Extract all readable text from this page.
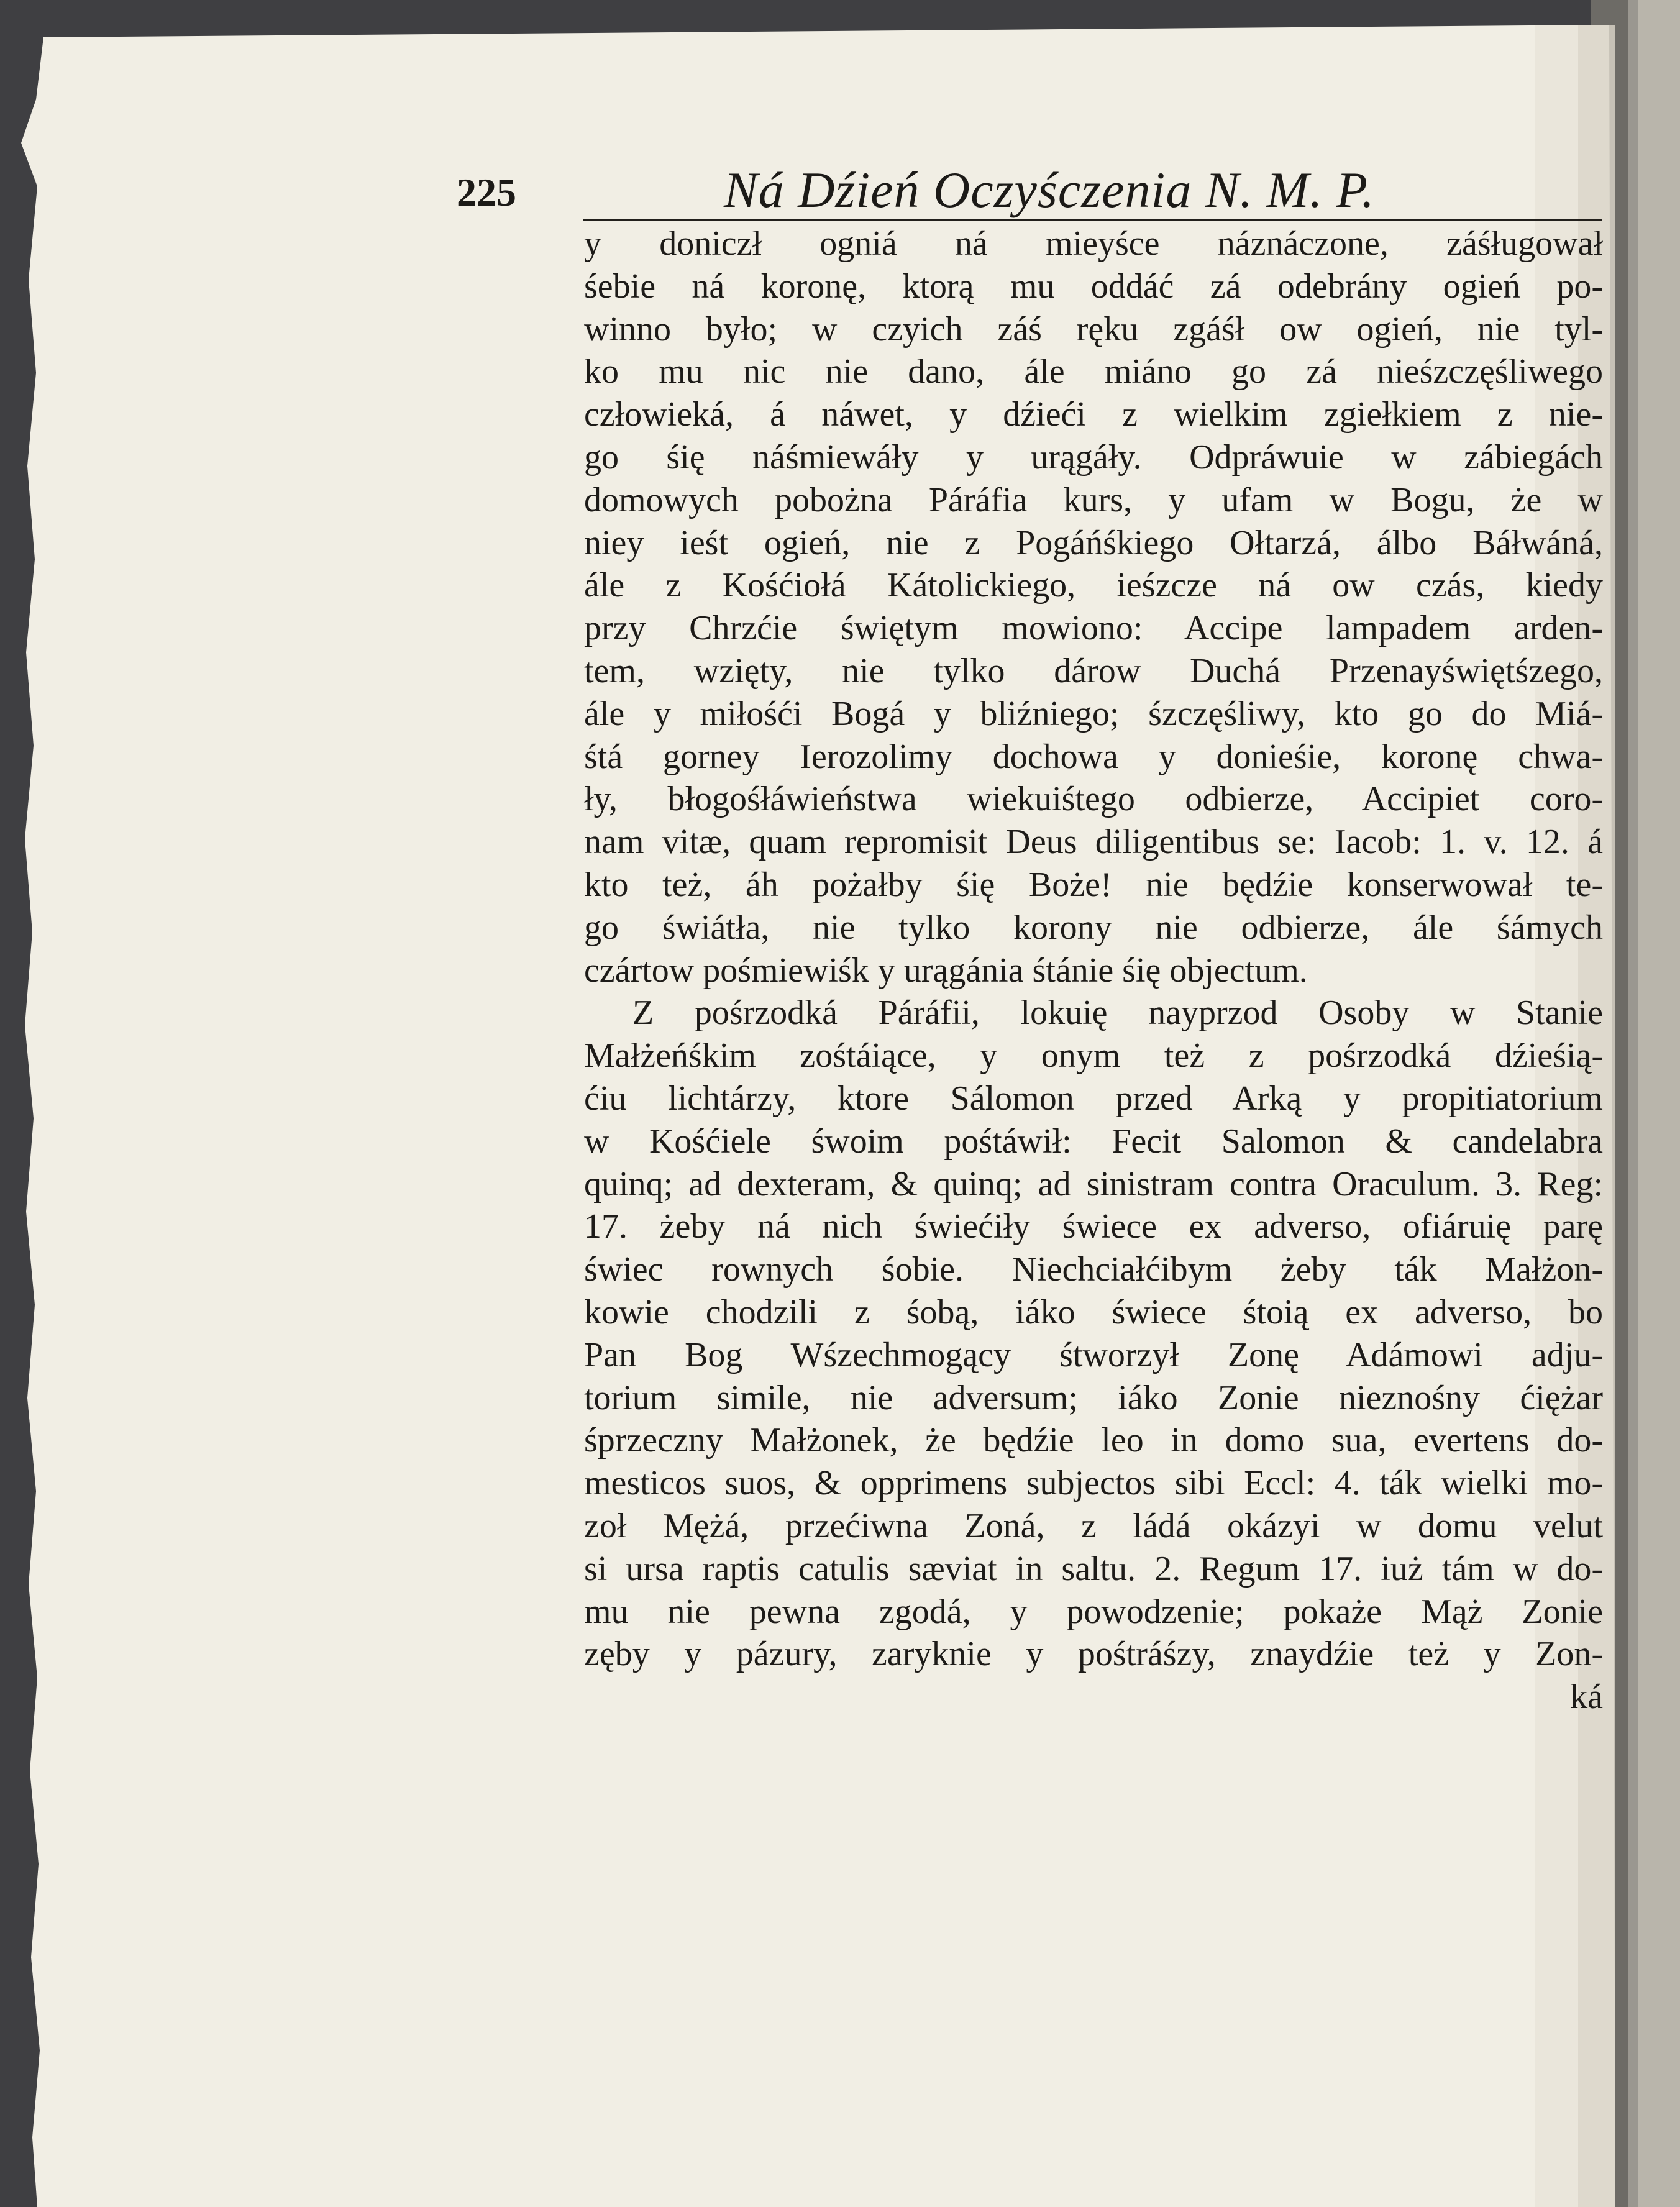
225	Ná Dźień Oczyśczenia N. M. P.
y doniczł ogniá ná mieyśce náznáczone, záśługował
śebie ná koronę, ktorą mu oddáć zá odebrány ogień po-
winno było; w czyich záś ręku zgáśł ow ogień, nie tyl-
ko mu nic nie dano, ále miáno go zá nieśzczęśliwego
człowieká, á náwet, y dźieći z wielkim zgiełkiem z nie-
go śię náśmiewáły y urągáły. Odpráwuie w zábiegách
domowych pobożna Páráfia kurs, y ufam w Bogu, że w
niey ieśt ogień, nie z Pogáńśkiego Ołtarzá, álbo Báłwáná,
ále z Kośćiołá Kátolickiego, ieśzcze ná ow czás, kiedy
przy Chrzćie świętym mowiono: Accipe lampadem arden-
tem, wzięty, nie tylko dárow Duchá Przenayświętśzego,
ále y miłośći Bogá y bliźniego; śzczęśliwy, kto go do Miá-
śtá gorney Ierozolimy dochowa y donieśie, koronę chwa-
ły, błogośłáwieństwa wiekuiśtego odbierze, Accipiet coro-
nam vitæ, quam repromisit Deus diligentibus se: Iacob: 1. v. 12. á
kto też, áh pożałby śię Boże! nie będźie konserwował te-
go świátła, nie tylko korony nie odbierze, ále śámych
czártow pośmiewiśk y urągánia śtánie śię objectum.
Z pośrzodká Páráfii, lokuię nayprzod Osoby w Stanie
Małżeńśkim zośtáiące, y onym też z pośrzodká dźieśią-
ćiu lichtárzy, ktore Sálomon przed Arką y propitiatorium
w Kośćiele śwoim pośtáwił: Fecit Salomon & candelabra
quinq; ad dexteram, & quinq; ad sinistram contra Oraculum. 3. Reg:
17. żeby ná nich świećiły świece ex adverso, ofiáruię parę
świec rownych śobie. Niechciałćibym żeby ták Małżon-
kowie chodzili z śobą, iáko świece śtoią ex adverso, bo
Pan Bog Wśzechmogący śtworzył Zonę Adámowi adju-
torium simile, nie adversum; iáko Zonie nieznośny ćiężar
śprzeczny Małżonek, że będźie leo in domo sua, evertens do-
mesticos suos, & opprimens subjectos sibi Eccl: 4. ták wielki mo-
zoł Mężá, przećiwna Zoná, z ládá okázyi w domu velut
si ursa raptis catulis sæviat in saltu. 2. Regum 17. iuż tám w do-
mu nie pewna zgodá, y powodzenie; pokaże Mąż Zonie
zęby y pázury, zaryknie y pośtráśzy, znaydźie też y Zon-
ká
